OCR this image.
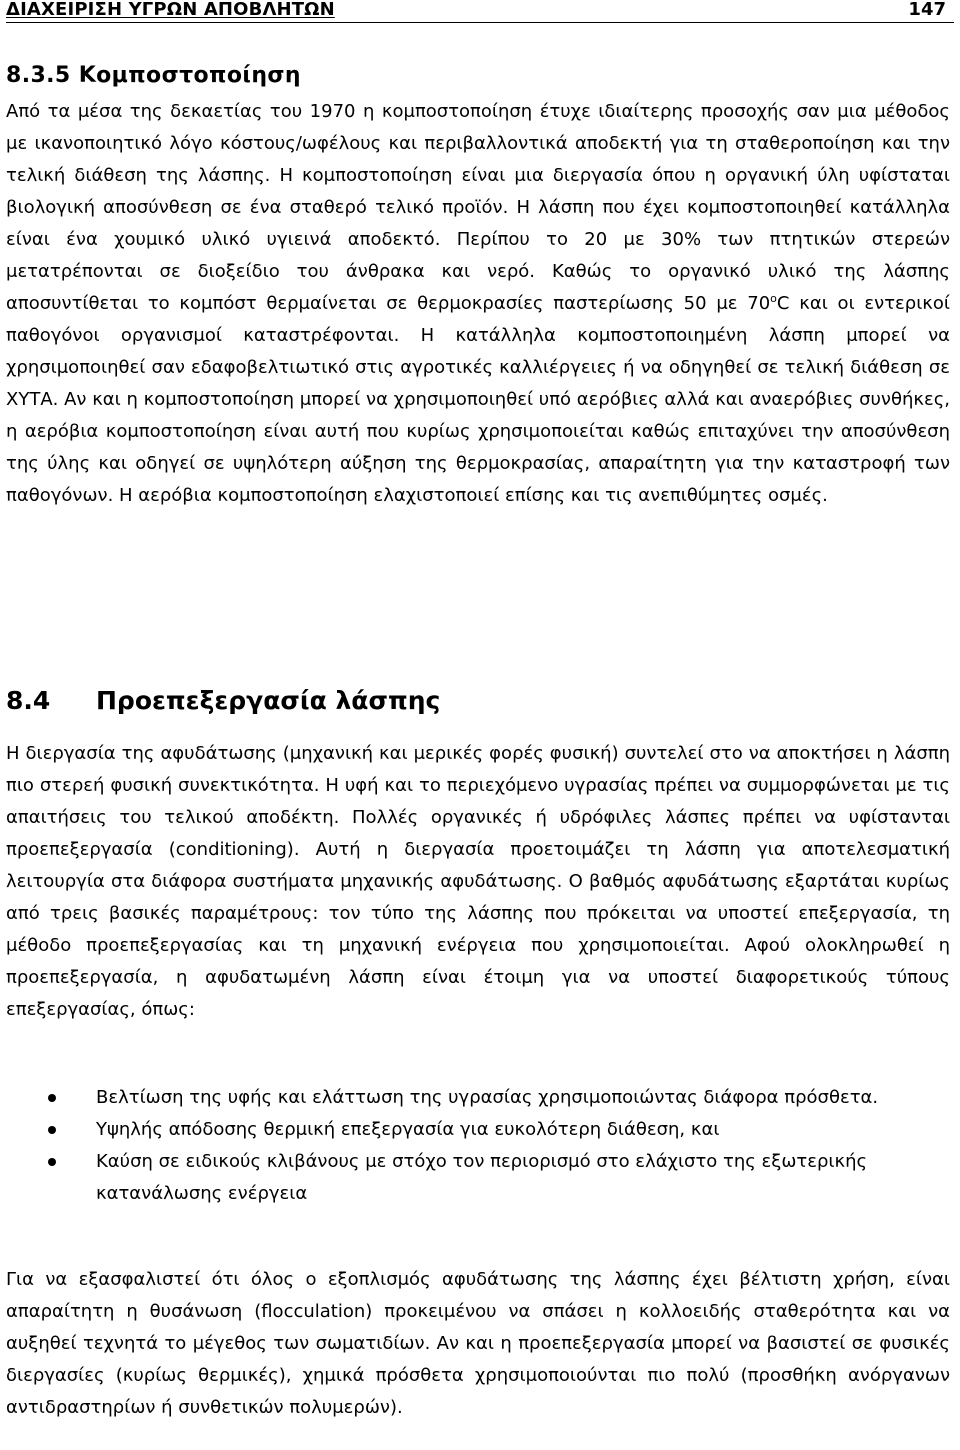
ΔΙΑΧΕΙΡΙΣΗ ΥΓΡΩΝ ΑΠΟΒΛΗΤΩΝ	147
8.3.5 Κομποστοποίηση
Από τα μέσα της δεκαετίας του 1970 η κομποστοποίηση έτυχε ιδιαίτερης προσοχής σαν μια μέθοδος με ικανοποιητικό λόγο κόστους/ωφέλους και περιβαλλοντικά αποδεκτή για τη σταθεροποίηση και την τελική διάθεση της λάσπης. Η κομποστοποίηση είναι μια διεργασία όπου η οργανική ύλη υφίσταται βιολογική αποσύνθεση σε ένα σταθερό τελικό προϊόν. Η λάσπη που έχει κομποστοποιηθεί κατάλληλα είναι ένα χουμικό υλικό υγιεινά αποδεκτό. Περίπου το 20 με 30% των πτητικών στερεών μετατρέπονται σε διοξείδιο του άνθρακα και νερό. Καθώς το οργανικό υλικό της λάσπης αποσυντίθεται το κομπόστ θερμαίνεται σε θερμοκρασίες παστερίωσης 50 με 70$^o$C και οι εντερικοί παθογόνοι οργανισμοί καταστρέφονται. Η κατάλληλα κομποστοποιημένη λάσπη μπορεί να χρησιμοποιηθεί σαν εδαφοβελτιωτικό στις αγροτικές καλλιέργειες ή να οδηγηθεί σε τελική διάθεση σε ΧΥΤΑ. Αν και η κομποστοποίηση μπορεί να χρησιμοποιηθεί υπό αερόβιες αλλά και αναερόβιες συνθήκες, η αερόβια κομποστοποίηση είναι αυτή που κυρίως χρησιμοποιείται καθώς επιταχύνει την αποσύνθεση της ύλης και οδηγεί σε υψηλότερη αύξηση της θερμοκρασίας, απαραίτητη για την καταστροφή των παθογόνων. Η αερόβια κομποστοποίηση ελαχιστοποιεί επίσης και τις ανεπιθύμητες οσμές.
8.4 Προεπεξεργασία λάσπης
Η διεργασία της αφυδάτωσης (μηχανική και μερικές φορές φυσική) συντελεί στο να αποκτήσει η λάσπη πιο στερεή φυσική συνεκτικότητα. Η υφή και το περιεχόμενο υγρασίας πρέπει να συμμορφώνεται με τις απαιτήσεις του τελικού αποδέκτη. Πολλές οργανικές ή υδρόφιλες λάσπες πρέπει να υφίστανται προεπεξεργασία (conditioning). Αυτή η διεργασία προετοιμάζει τη λάσπη για αποτελεσματική λειτουργία στα διάφορα συστήματα μηχανικής αφυδάτωσης. Ο βαθμός αφυδάτωσης εξαρτάται κυρίως από τρεις βασικές παραμέτρους: τον τύπο της λάσπης που πρόκειται να υποστεί επεξεργασία, τη μέθοδο προεπεξεργασίας και τη μηχανική ενέργεια που χρησιμοποιείται. Αφού ολοκληρωθεί η προεπεξεργασία, η αφυδατωμένη λάσπη είναι έτοιμη για να υποστεί διαφορετικούς τύπους επεξεργασίας, όπως:
Βελτίωση της υφής και ελάττωση της υγρασίας χρησιμοποιώντας διάφορα πρόσθετα.
Υψηλής απόδοσης θερμική επεξεργασία για ευκολότερη διάθεση, και
Καύση σε ειδικούς κλιβάνους με στόχο τον περιορισμό στο ελάχιστο της εξωτερικής κατανάλωσης ενέργεια
Για να εξασφαλιστεί ότι όλος ο εξοπλισμός αφυδάτωσης της λάσπης έχει βέλτιστη χρήση, είναι απαραίτητη η θυσάνωση (flocculation) προκειμένου να σπάσει η κολλοειδής σταθερότητα και να αυξηθεί τεχνητά το μέγεθος των σωματιδίων. Αν και η προεπεξεργασία μπορεί να βασιστεί σε φυσικές διεργασίες (κυρίως θερμικές), χημικά πρόσθετα χρησιμοποιούνται πιο πολύ (προσθήκη ανόργανων αντιδραστηρίων ή συνθετικών πολυμερών).
